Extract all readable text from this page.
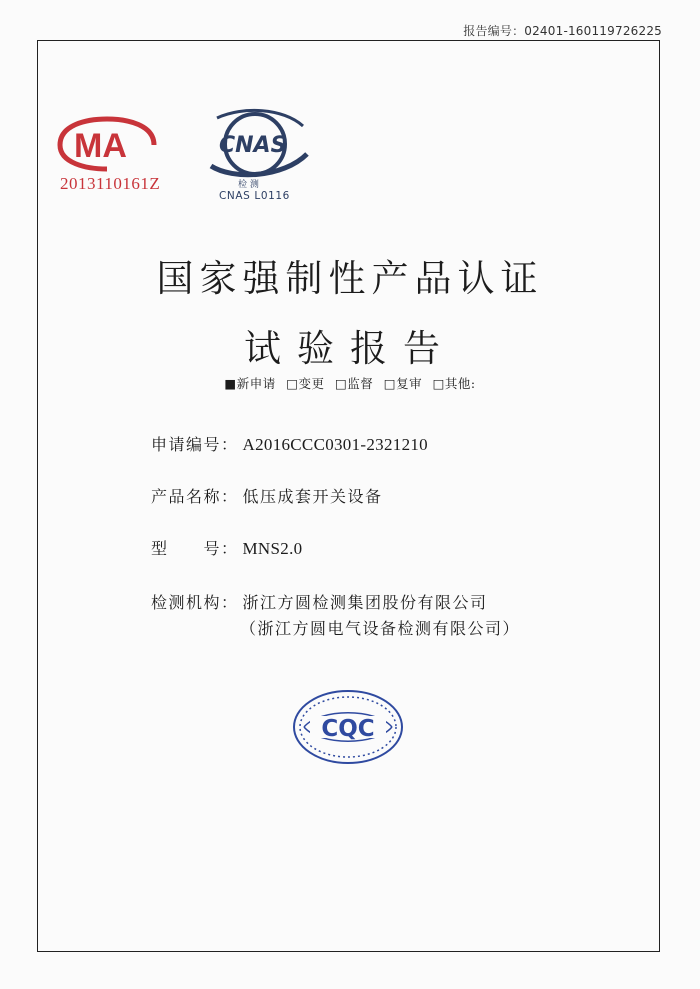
报告编号：02401-160119726225
MA
2013110161Z
CNAS
检 测
CNAS L0116
国家强制性产品认证
试验报告
■新申请 □变更 □监督 □复审 □其他:
申请编号： A2016CCC0301-2321210
产品名称： 低压成套开关设备
型　　号： MNS2.0
检测机构： 浙江方圆检测集团股份有限公司
（浙江方圆电气设备检测有限公司）
CQC
